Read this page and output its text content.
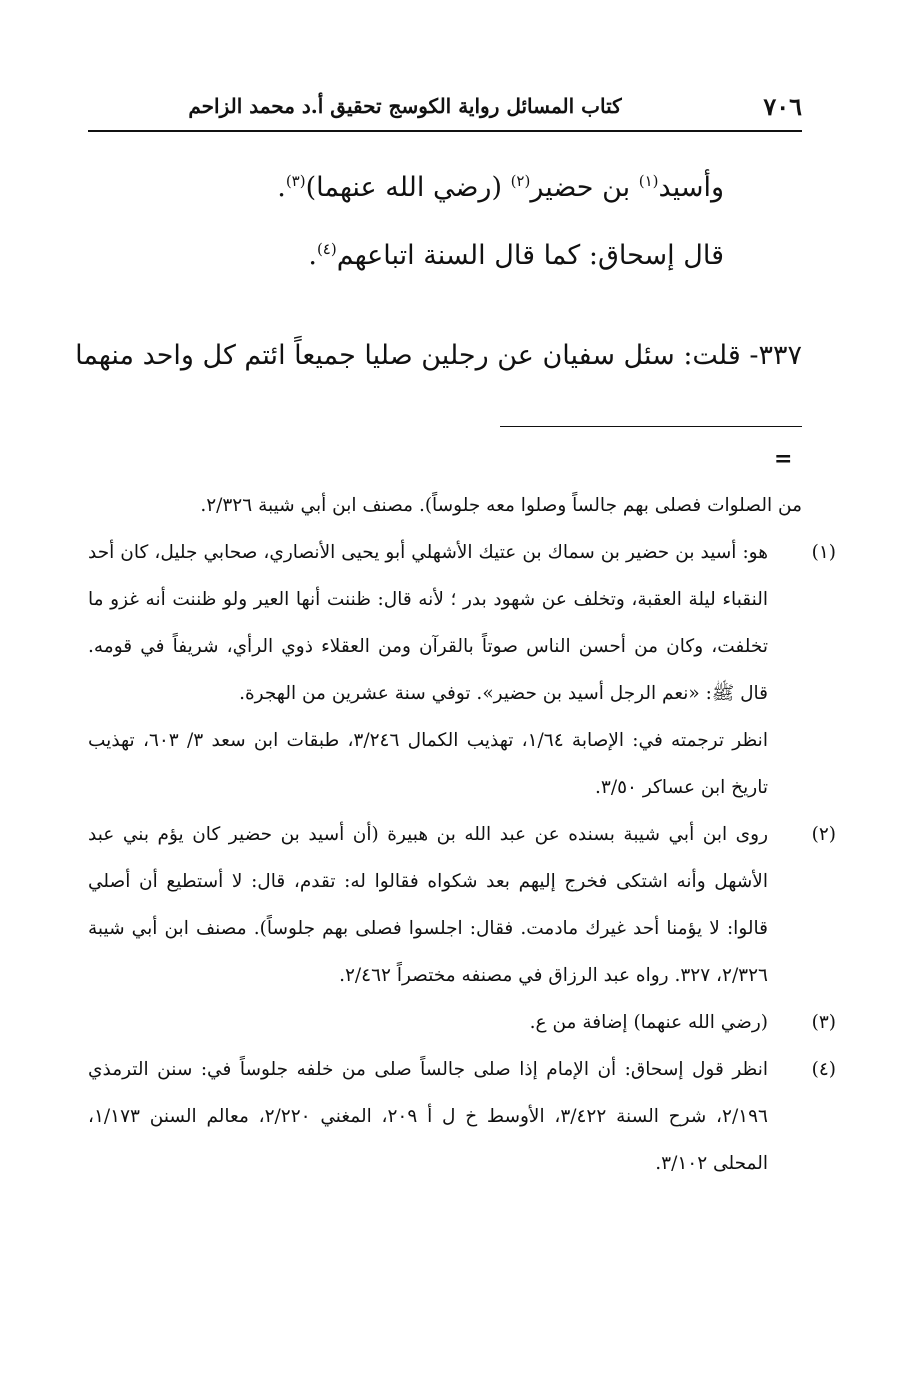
٧٠٦
كتاب المسائل رواية الكوسج تحقيق أ.د محمد الزاحم
وأسيد$^{(١)}$ بن حضير$^{(٢)}$ (رضي الله عنهما)$^{(٣)}$.
قال إسحاق: كما قال السنة اتباعهم$^{(٤)}$.
٣٣٧- قلت: سئل سفيان عن رجلين صليا جميعاً ائتم كل واحد منهما
=

من الصلوات فصلى بهم جالساً وصلوا معه جلوساً). مصنف ابن أبي شيبة ٢/٣٢٦.

(١)هو: أسيد بن حضير بن سماك بن عتيك الأشهلي أبو يحيى الأنصاري، صحابي جليل، كان أحد النقباء ليلة العقبة، وتخلف عن شهود بدر ؛ لأنه قال: ظننت أنها العير ولو ظننت أنه غزو ما تخلفت، وكان من أحسن الناس صوتاً بالقرآن ومن العقلاء ذوي الرأي، شريفاً في قومه. قال ﷺ: «نعم الرجل أسيد بن حضير». توفي سنة عشرين من الهجرة.

انظر ترجمته في: الإصابة ١/٦٤، تهذيب الكمال ٣/٢٤٦، طبقات ابن سعد ٣/ ٦٠٣، تهذيب تاريخ ابن عساكر ٣/٥٠.

(٢)روى ابن أبي شيبة بسنده عن عبد الله بن هبيرة (أن أسيد بن حضير كان يؤم بني عبد الأشهل وأنه اشتكى فخرج إليهم بعد شكواه فقالوا له: تقدم، قال: لا أستطيع أن أصلي قالوا: لا يؤمنا أحد غيرك مادمت. فقال: اجلسوا فصلى بهم جلوساً). مصنف ابن أبي شيبة ٢/٣٢٦، ٣٢٧. رواه عبد الرزاق في مصنفه مختصراً ٢/٤٦٢.

(٣)(رضي الله عنهما) إضافة من ع.

(٤)انظر قول إسحاق: أن الإمام إذا صلى جالساً صلى من خلفه جلوساً في: سنن الترمذي ٢/١٩٦، شرح السنة ٣/٤٢٢، الأوسط خ ل أ ٢٠٩، المغني ٢/٢٢٠، معالم السنن ١/١٧٣، المحلى ٣/١٠٢.
